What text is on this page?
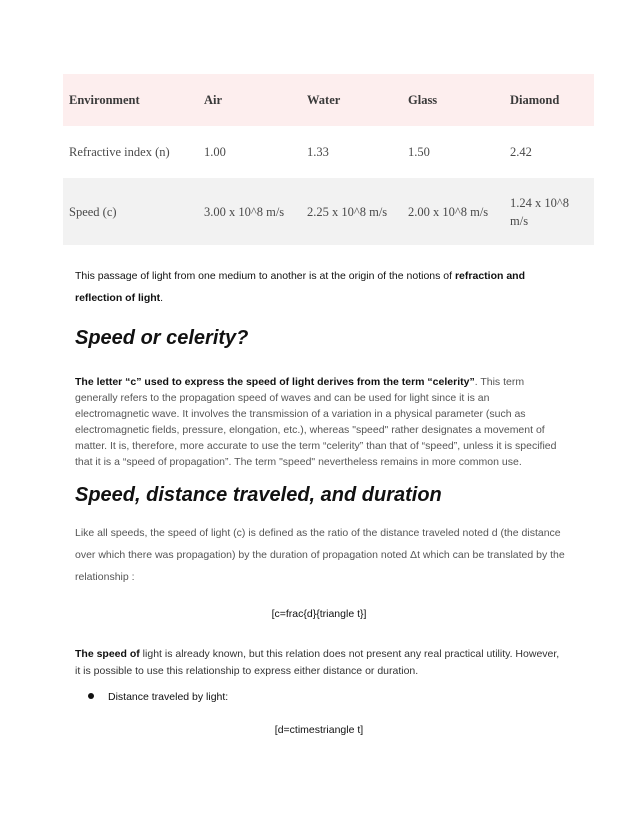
Environment	Air	Water	Glass	Diamond
Refractive index (n)	1.00	1.33	1.50	2.42
Speed (c)	3.00 x 10^8 m/s	2.25 x 10^8 m/s	2.00 x 10^8 m/s	1.24 x 10^8 m/s

This passage of light from one medium to another is at the origin of the notions of refraction and reflection of light.

Speed or celerity?

The letter “c” used to express the speed of light derives from the term “celerity”. This term generally refers to the propagation speed of waves and can be used for light since it is an electromagnetic wave. It involves the transmission of a variation in a physical parameter (such as electromagnetic fields, pressure, elongation, etc.), whereas "speed" rather designates a movement of matter. It is, therefore, more accurate to use the term “celerity” than that of “speed”, unless it is specified that it is a “speed of propagation”. The term "speed" nevertheless remains in more common use.

Speed, distance traveled, and duration

Like all speeds, the speed of light (c) is defined as the ratio of the distance traveled noted d (the distance over which there was propagation) by the duration of propagation noted Δt which can be translated by the relationship :

[c=frac{d}{triangle t}]

The speed of light is already known, but this relation does not present any real practical utility. However, it is possible to use this relationship to express either distance or duration.

Distance traveled by light:
[d=ctimestriangle t]
